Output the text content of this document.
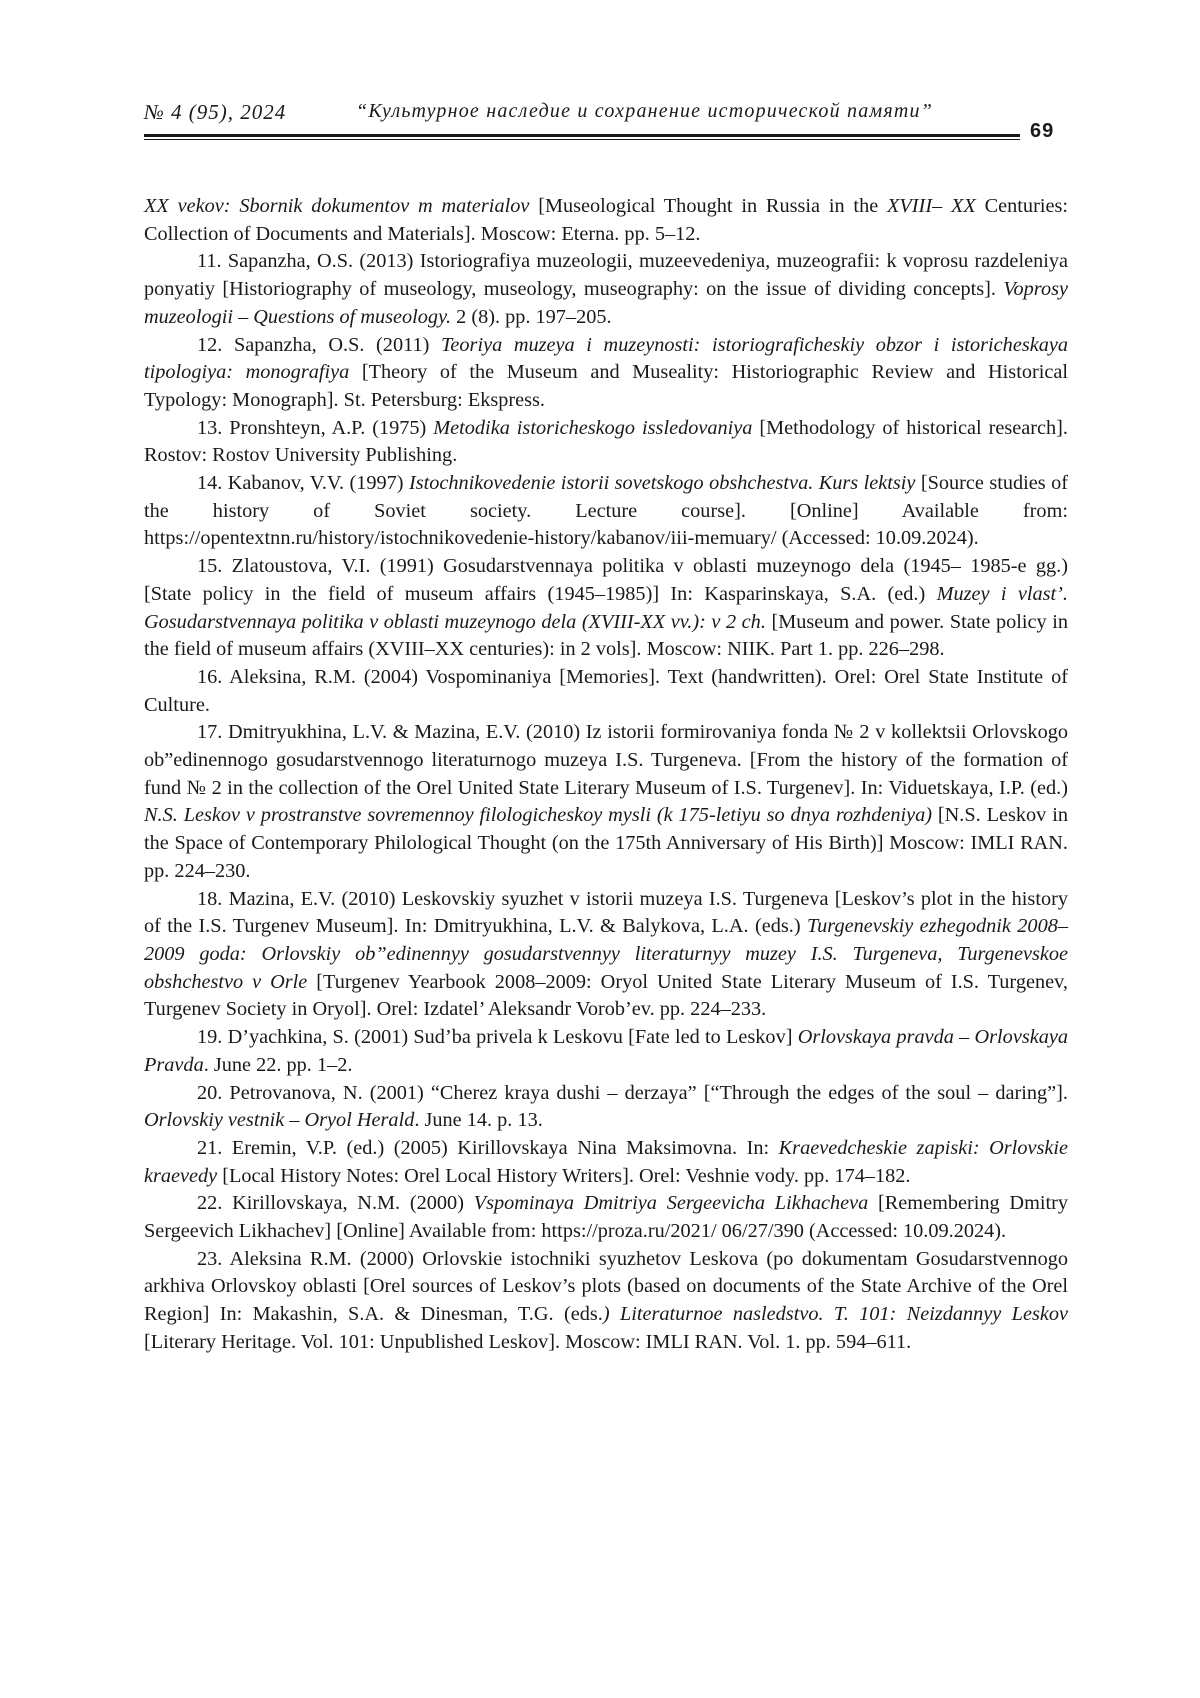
№ 4 (95), 2024	“Культурное наследие и сохранение исторической памяти”
69

XX vekov: Sbornik dokumentov m materialov [Museological Thought in Russia in the XVIII– XX Centuries: Collection of Documents and Materials]. Moscow: Eterna. pp. 5–12.

11. Sapanzha, O.S. (2013) Istoriografiya muzeologii, muzeevedeniya, muzeografii: k voprosu razdeleniya ponyatiy [Historiography of museology, museology, museography: on the issue of dividing concepts]. Voprosy muzeologii – Questions of museology. 2 (8). pp. 197–205.

12. Sapanzha, O.S. (2011) Teoriya muzeya i muzeynosti: istoriograficheskiy obzor i istoricheskaya tipologiya: monografiya [Theory of the Museum and Museality: Historiographic Review and Historical Typology: Monograph]. St. Petersburg: Ekspress.

13. Pronshteyn, A.P. (1975) Metodika istoricheskogo issledovaniya [Methodology of historical research]. Rostov: Rostov University Publishing.

14. Kabanov, V.V. (1997) Istochnikovedenie istorii sovetskogo obshchestva. Kurs lektsiy [Source studies of the history of Soviet society. Lecture course]. [Online] Available from: https://opentextnn.ru/history/istochnikovedenie-history/kabanov/iii-memuary/ (Accessed: 10.09.2024).

15. Zlatoustova, V.I. (1991) Gosudarstvennaya politika v oblasti muzeynogo dela (1945– 1985-e gg.) [State policy in the field of museum affairs (1945–1985)] In: Kasparinskaya, S.A. (ed.) Muzey i vlast’. Gosudarstvennaya politika v oblasti muzeynogo dela (XVIII-XX vv.): v 2 ch. [Museum and power. State policy in the field of museum affairs (XVIII–XX centuries): in 2 vols]. Moscow: NIIK. Part 1. pp. 226–298.

16. Aleksina, R.M. (2004) Vospominaniya [Memories]. Text (handwritten). Orel: Orel State Institute of Culture.

17. Dmitryukhina, L.V. & Mazina, E.V. (2010) Iz istorii formirovaniya fonda № 2 v kollektsii Orlovskogo ob”edinennogo gosudarstvennogo literaturnogo muzeya I.S. Turgeneva. [From the history of the formation of fund № 2 in the collection of the Orel United State Literary Museum of I.S. Turgenev]. In: Viduetskaya, I.P. (ed.) N.S. Leskov v prostranstve sovremennoy filologicheskoy mysli (k 175-letiyu so dnya rozhdeniya) [N.S. Leskov in the Space of Contemporary Philological Thought (on the 175th Anniversary of His Birth)] Moscow: IMLI RAN. pp. 224–230.

18. Mazina, E.V. (2010) Leskovskiy syuzhet v istorii muzeya I.S. Turgeneva [Leskov’s plot in the history of the I.S. Turgenev Museum]. In: Dmitryukhina, L.V. & Balykova, L.A. (eds.) Turgenevskiy ezhegodnik 2008–2009 goda: Orlovskiy ob”edinennyy gosudarstvennyy literaturnyy muzey I.S. Turgeneva, Turgenevskoe obshchestvo v Orle [Turgenev Yearbook 2008–2009: Oryol United State Literary Museum of I.S. Turgenev, Turgenev Society in Oryol]. Orel: Izdatel’ Aleksandr Vorob’ev. pp. 224–233.

19. D’yachkina, S. (2001) Sud’ba privela k Leskovu [Fate led to Leskov] Orlovskaya pravda – Orlovskaya Pravda. June 22. pp. 1–2.

20. Petrovanova, N. (2001) “Cherez kraya dushi – derzaya” [“Through the edges of the soul – daring”]. Orlovskiy vestnik – Oryol Herald. June 14. p. 13.

21. Eremin, V.P. (ed.) (2005) Kirillovskaya Nina Maksimovna. In: Kraevedcheskie zapiski: Orlovskie kraevedy [Local History Notes: Orel Local History Writers]. Orel: Veshnie vody. pp. 174–182.

22. Kirillovskaya, N.M. (2000) Vspominaya Dmitriya Sergeevicha Likhacheva [Remembering Dmitry Sergeevich Likhachev] [Online] Available from: https://proza.ru/2021/ 06/27/390 (Accessed: 10.09.2024).

23. Aleksina R.M. (2000) Orlovskie istochniki syuzhetov Leskova (po dokumentam Gosudarstvennogo arkhiva Orlovskoy oblasti [Orel sources of Leskov’s plots (based on documents of the State Archive of the Orel Region] In: Makashin, S.A. & Dinesman, T.G. (eds.) Literaturnoe nasledstvo. T. 101: Neizdannyy Leskov [Literary Heritage. Vol. 101: Unpublished Leskov]. Moscow: IMLI RAN. Vol. 1. pp. 594–611.
